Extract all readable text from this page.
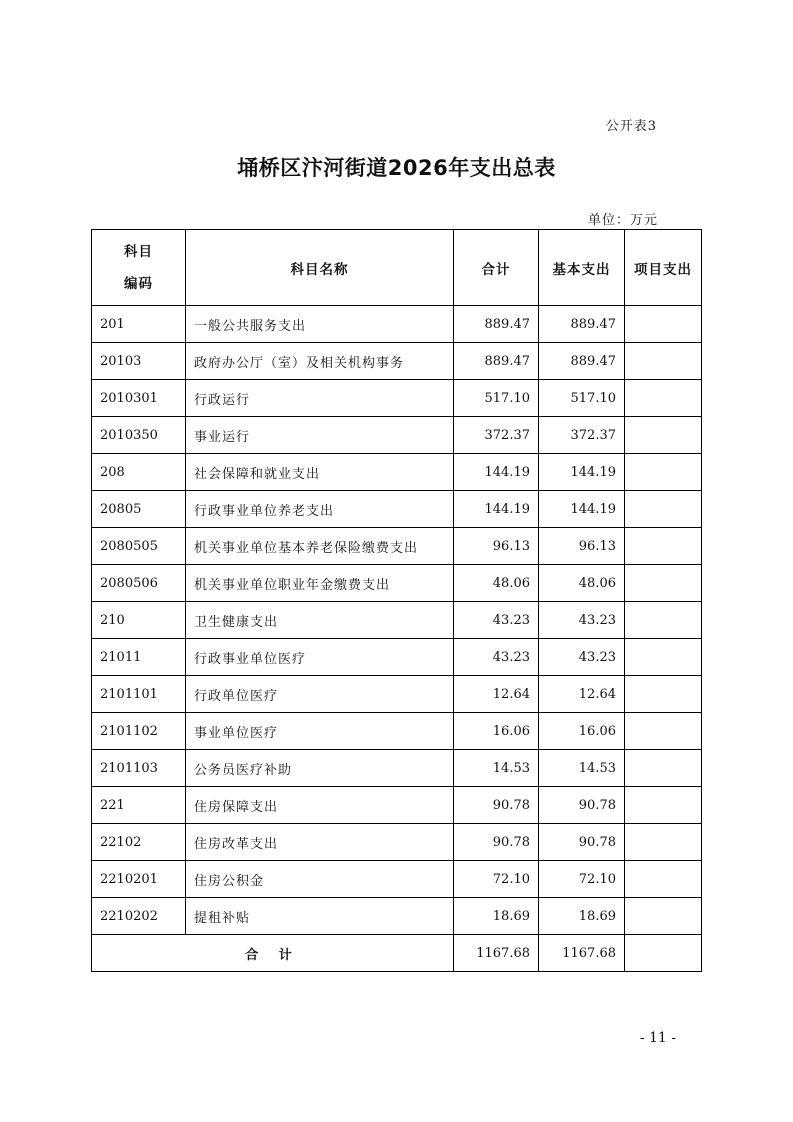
公开表3
埇桥区汴河街道2026年支出总表
单位：万元
科目
编码	科目名称	合计	基本支出	项目支出
201	一般公共服务支出	889.47	889.47	
20103	政府办公厅（室）及相关机构事务	889.47	889.47	
2010301	行政运行	517.10	517.10	
2010350	事业运行	372.37	372.37	
208	社会保障和就业支出	144.19	144.19	
20805	行政事业单位养老支出	144.19	144.19	
2080505	机关事业单位基本养老保险缴费支出	96.13	96.13	
2080506	机关事业单位职业年金缴费支出	48.06	48.06	
210	卫生健康支出	43.23	43.23	
21011	行政事业单位医疗	43.23	43.23	
2101101	行政单位医疗	12.64	12.64	
2101102	事业单位医疗	16.06	16.06	
2101103	公务员医疗补助	14.53	14.53	
221	住房保障支出	90.78	90.78	
22102	住房改革支出	90.78	90.78	
2210201	住房公积金	72.10	72.10	
2210202	提租补贴	18.69	18.69	
合 计		1167.68	1167.68	
- 11 -
